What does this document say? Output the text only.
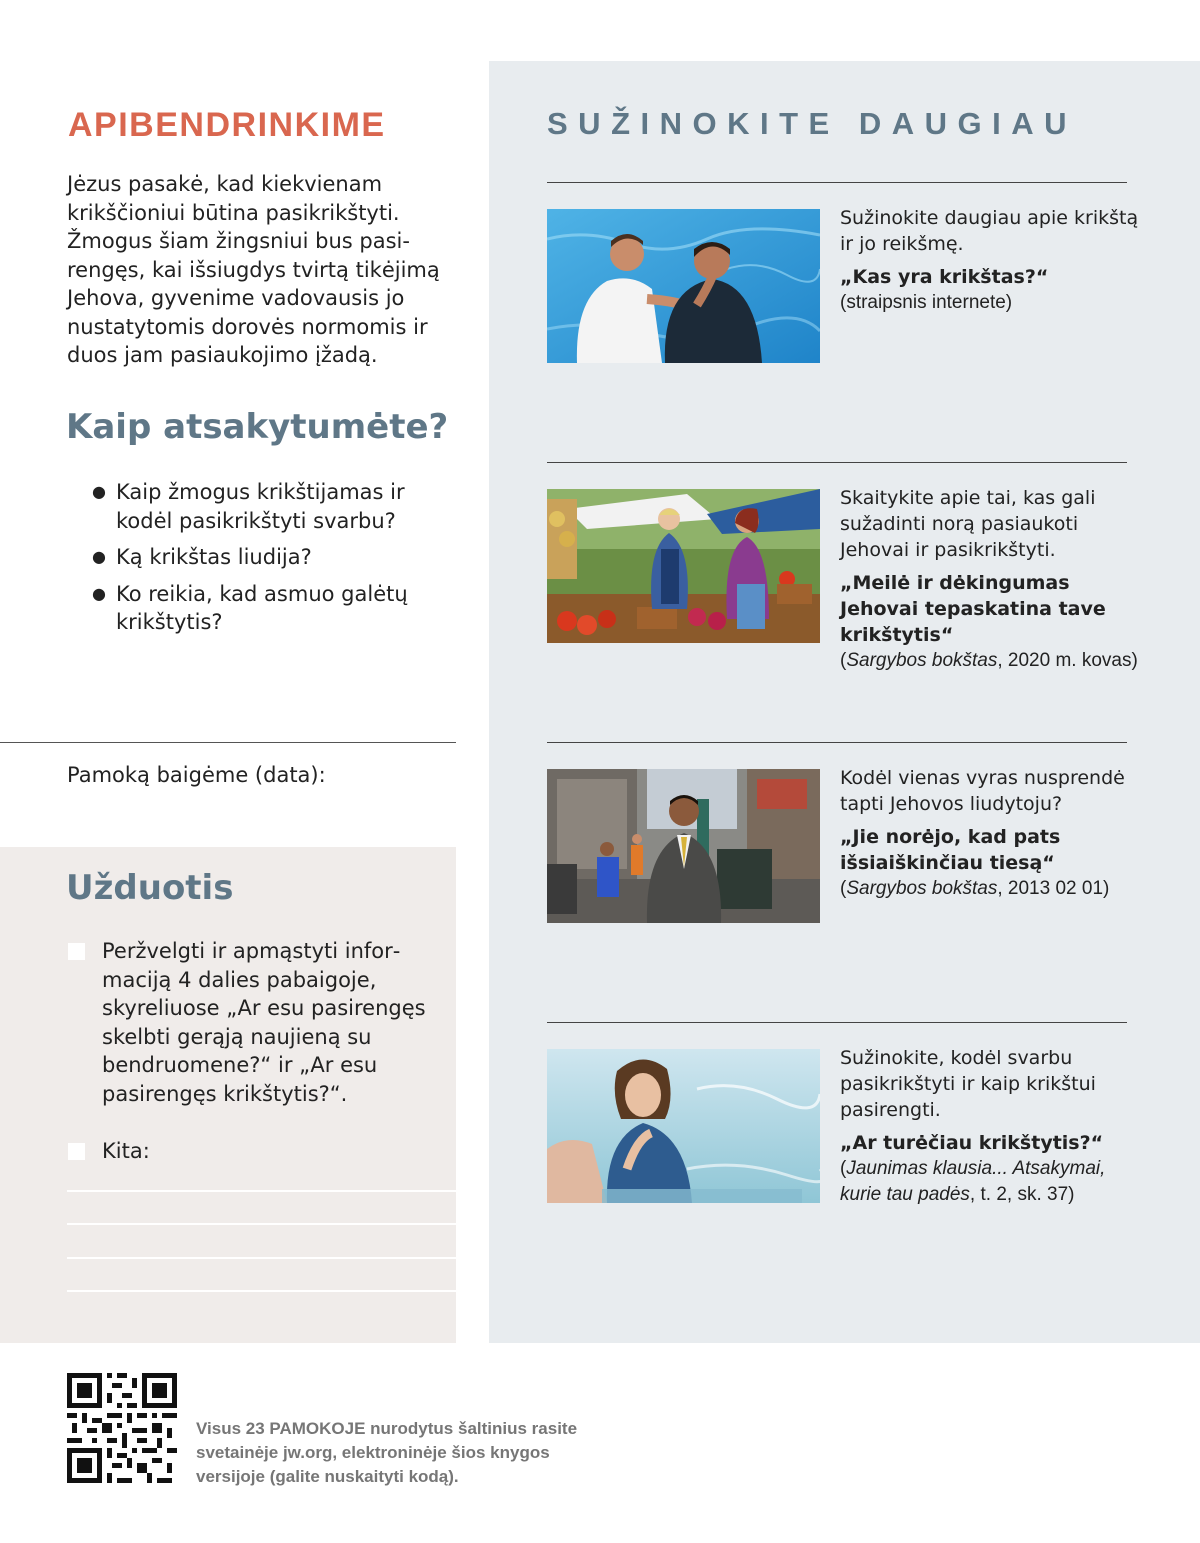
APIBENDRINKIME

Jėzus pasakė, kad kiekvienam krikščioniui būtina pasikrikštyti. Žmogus šiam žingsniui bus pasirengęs, kai išsiugdys tvirtą tikėjimą Jehova, gyvenime vadovausis jo nustatytomis dorovės normomis ir duos jam pasiaukojimo įžadą.

Kaip atsakytumėte?
● Kaip žmogus krikštijamas ir kodėl pasikrikštyti svarbu?
● Ką krikštas liudija?
● Ko reikia, kad asmuo galėtų krikštytis?

Pamoką baigėme (data):

Užduotis
Peržvelgti ir apmąstyti informaciją 4 dalies pabaigoje, skyreliuose „Ar esu pasirengęs skelbti gerąją naujieną su bendruomene?“ ir „Ar esu pasirengęs krikštytis?“.
Kita:
SUŽINOKITE DAUGIAU
Sužinokite daugiau apie krikštą ir jo reikšmę.
„Kas yra krikštas?“
(straipsnis internete)
Skaitykite apie tai, kas gali sužadinti norą pasiaukoti Jehovai ir pasikrikštyti.
„Meilė ir dėkingumas Jehovai tepaskatina tave krikštytis“
(Sargybos bokštas, 2020 m. kovas)
Kodėl vienas vyras nusprendė tapti Jehovos liudytoju?
„Jie norėjo, kad pats išsiaiškinčiau tiesą“
(Sargybos bokštas, 2013 02 01)
Sužinokite, kodėl svarbu pasikrikštyti ir kaip krikštui pasirengti.
„Ar turėčiau krikštytis?“
(Jaunimas klausia... Atsakymai, kurie tau padės, t. 2, sk. 37)

Visus 23 PAMOKOJE nurodytus šaltinius rasite svetainėje jw.org, elektroninėje šios knygos versijoje (galite nuskaityti kodą).
